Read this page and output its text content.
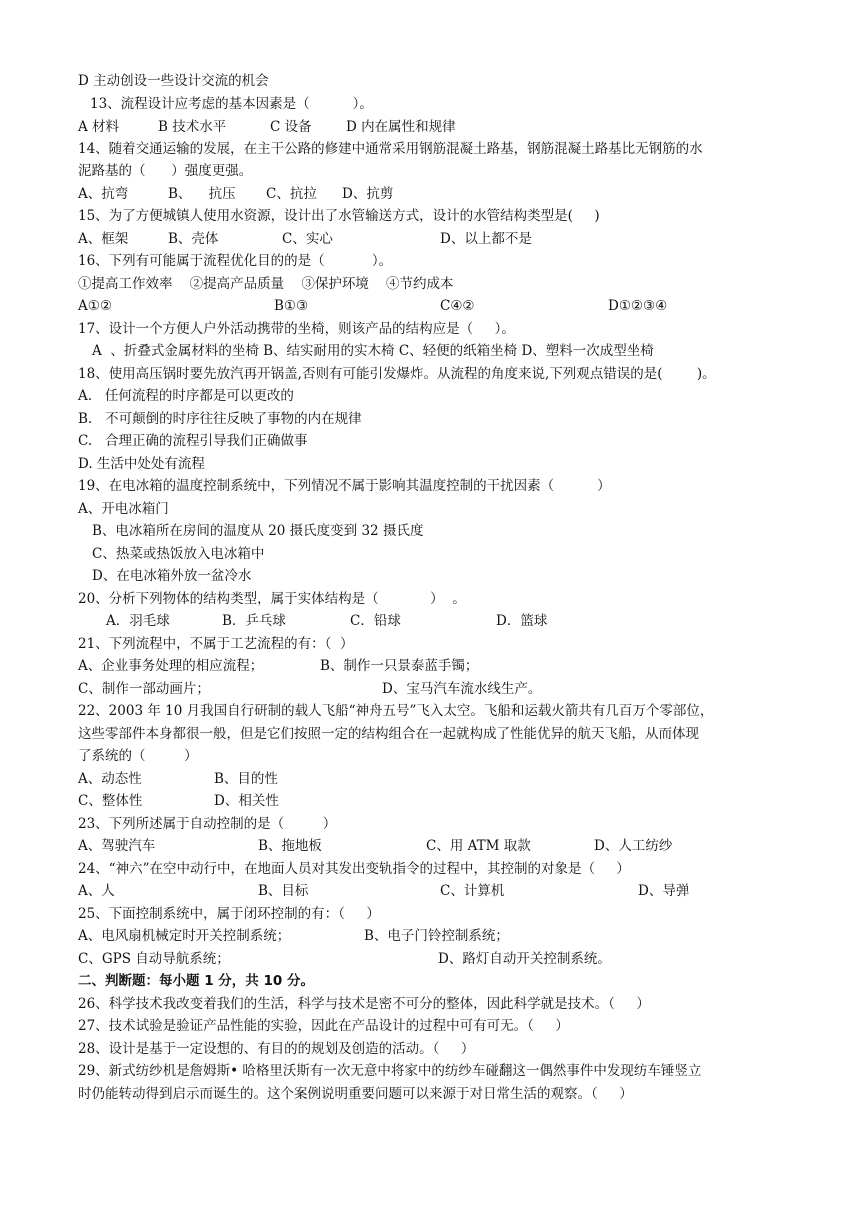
D 主动创设一些设计交流的机会
13、流程设计应考虑的基本因素是（          ）。
A 材料	B 技术水平	C 设备	D 内在属性和规律
14、随着交通运输的发展，在主干公路的修建中通常采用钢筋混凝土路基，钢筋混凝土路基比无钢筋的水
泥路基的（      ）强度更强。
A、抗弯	B、    抗压 C、抗拉 D、抗剪
15、为了方便城镇人使用水资源，设计出了水管输送方式，设计的水管结构类型是(     )
A、框架	B、壳体	C、实心	D、以上都不是
16、下列有可能属于流程优化目的的是（           ）。
①提高工作效率    ②提高产品质量    ③保护环境    ④节约成本
A①②	B①③	C④②	D①②③④
17、设计一个方便人户外活动携带的坐椅，则该产品的结构应是（     ）。
A  、折叠式金属材料的坐椅 B、结实耐用的实木椅 C、轻便的纸箱坐椅 D、塑料一次成型坐椅
18、使用高压锅时要先放汽再开锅盖,否则有可能引发爆炸。从流程的角度来说,下列观点错误的是(        )。
A.   任何流程的时序都是可以更改的
B.   不可颠倒的时序往往反映了事物的内在规律
C.   合理正确的流程引导我们正确做事
D. 生活中处处有流程
19、在电冰箱的温度控制系统中，下列情况不属于影响其温度控制的干扰因素（          ）
A、开电冰箱门
B、电冰箱所在房间的温度从 20 摄氏度变到 32 摄氏度
C、热菜或热饭放入电冰箱中
D、在电冰箱外放一盆冷水
20、分析下列物体的结构类型，属于实体结构是（            ）  。
A．羽毛球	B．乒乓球	C．铅球	D．篮球
21、下列流程中，不属于工艺流程的有：（  ）
A、企业事务处理的相应流程；	B、制作一只景泰蓝手镯；
C、制作一部动画片；	D、宝马汽车流水线生产。
22、2003 年 10 月我国自行研制的载人飞船“神舟五号”飞入太空。飞船和运载火箭共有几百万个零部位，
这些零部件本身都很一般，但是它们按照一定的结构组合在一起就构成了性能优异的航天飞船，从而体现
了系统的（         ）
A、动态性	B、目的性
C、整体性	D、相关性
23、下列所述属于自动控制的是（         ）
A、驾驶汽车	B、拖地板	C、用 ATM 取款	D、人工纺纱
24、“神六”在空中动行中，在地面人员对其发出变轨指令的过程中，其控制的对象是（     ）
A、人	B、目标	C、计算机	D、导弹
25、下面控制系统中，属于闭环控制的有：（     ）
A、电风扇机械定时开关控制系统；	B、电子门铃控制系统；
C、GPS 自动导航系统；	D、路灯自动开关控制系统。
二、判断题：每小题 1 分，共 10 分。
26、科学技术我改变着我们的生活，科学与技术是密不可分的整体，因此科学就是技术。（     ）
27、技术试验是验证产品性能的实验，因此在产品设计的过程中可有可无。（     ）
28、设计是基于一定设想的、有目的的规划及创造的活动。（     ）
29、新式纺纱机是詹姆斯• 哈格里沃斯有一次无意中将家中的纺纱车碰翻这一偶然事件中发现纺车锤竖立
时仍能转动得到启示而诞生的。这个案例说明重要问题可以来源于对日常生活的观察。（     ）
